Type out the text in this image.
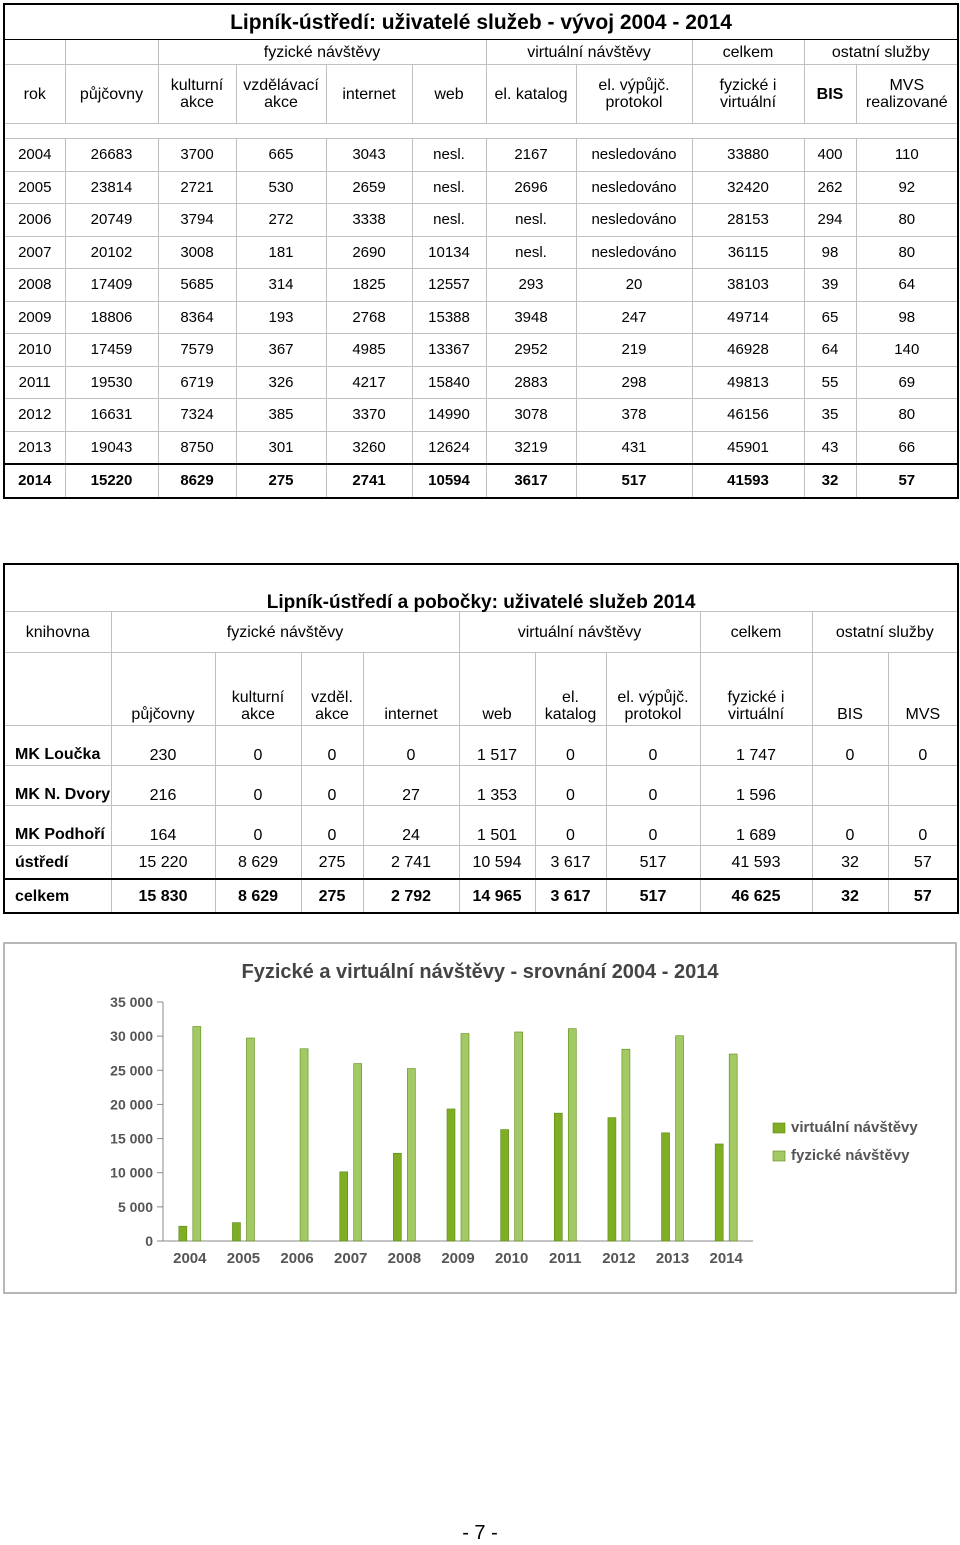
Lipník-ústředí: uživatelé služeb - vývoj 2004 - 2014										
		fyzické návštěvy				virtuální návštěvy		celkem	ostatní služby	
rok	půjčovny	kulturní akce	vzdělávací akce	internet	web	el. katalog	el. výpůjč. protokol	fyzické i virtuální	BIS	MVS realizované

2004	26683	3700	665	3043	nesl.	2167	nesledováno	33880	400	110
2005	23814	2721	530	2659	nesl.	2696	nesledováno	32420	262	92
2006	20749	3794	272	3338	nesl.	nesl.	nesledováno	28153	294	80
2007	20102	3008	181	2690	10134	nesl.	nesledováno	36115	98	80
2008	17409	5685	314	1825	12557	293	20	38103	39	64
2009	18806	8364	193	2768	15388	3948	247	49714	65	98
2010	17459	7579	367	4985	13367	2952	219	46928	64	140
2011	19530	6719	326	4217	15840	2883	298	49813	55	69
2012	16631	7324	385	3370	14990	3078	378	46156	35	80
2013	19043	8750	301	3260	12624	3219	431	45901	43	66
2014	15220	8629	275	2741	10594	3617	517	41593	32	57
Lipník-ústředí a pobočky: uživatelé služeb 2014										
knihovna	fyzické návštěvy				virtuální návštěvy			celkem	ostatní služby	
	půjčovny	kulturní akce	vzděl. akce	internet	web	el. katalog	el. výpůjč. protokol	fyzické i virtuální	BIS	MVS
MK Loučka	230	0	0	0	1 517	0	0	1 747	0	0
MK N. Dvory	216	0	0	27	1 353	0	0	1 596		
MK Podhoří	164	0	0	24	1 501	0	0	1 689	0	0
ústředí	15 220	8 629	275	2 741	10 594	3 617	517	41 593	32	57
celkem	15 830	8 629	275	2 792	14 965	3 617	517	46 625	32	57
Fyzické a virtuální návštěvy - srovnání 2004 - 2014
0
5 000
10 000
15 000
20 000
25 000
30 000
35 000
2004 2005 2006 2007 2008 2009 2010 2011 2012 2013 2014
virtuální návštěvy
fyzické návštěvy
- 7 -
